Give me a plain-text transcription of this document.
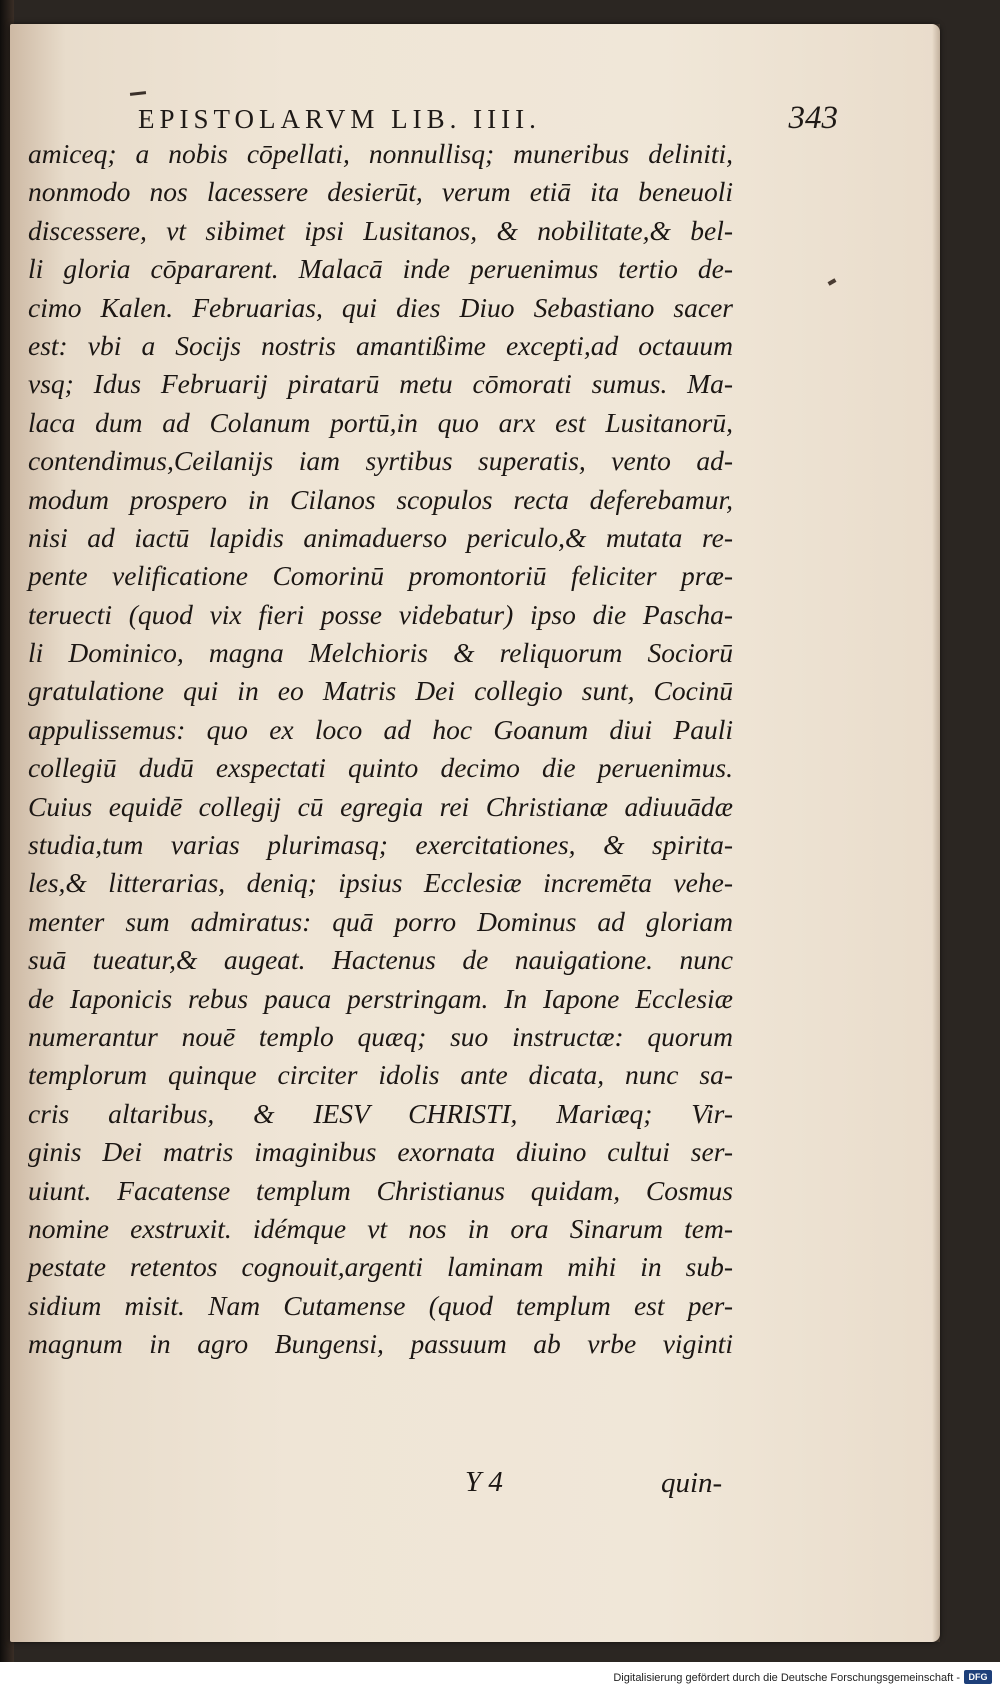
EPISTOLARVM LIB. IIII.	343
amiceq; a nobis cōpellati, nonnullisq; muneribus deliniti,
nonmodo nos lacessere desierūt, verum etiā ita beneuoli
discessere, vt sibimet ipsi Lusitanos, & nobilitate,& bel-
li gloria cōpararent. Malacā inde peruenimus tertio de-
cimo Kalen. Februarias, qui dies Diuo Sebastiano sacer
est: vbi a Socijs nostris amantißime excepti,ad octauum
vsq; Idus Februarij piratarū metu cōmorati sumus. Ma-
laca dum ad Colanum portū,in quo arx est Lusitanorū,
contendimus,Ceilanijs iam syrtibus superatis, vento ad-
modum prospero in Cilanos scopulos recta deferebamur,
nisi ad iactū lapidis animaduerso periculo,& mutata re-
pente velificatione Comorinū promontoriū feliciter præ-
teruecti (quod vix fieri posse videbatur) ipso die Pascha-
li Dominico, magna Melchioris & reliquorum Sociorū
gratulatione qui in eo Matris Dei collegio sunt, Cocinū
appulissemus: quo ex loco ad hoc Goanum diui Pauli
collegiū dudū exspectati quinto decimo die peruenimus.
Cuius equidē collegij cū egregia rei Christianæ adiuuādæ
studia,tum varias plurimasq; exercitationes, & spirita-
les,& litterarias, deniq; ipsius Ecclesiæ incremēta vehe-
menter sum admiratus: quā porro Dominus ad gloriam
suā tueatur,& augeat. Hactenus de nauigatione. nunc
de Iaponicis rebus pauca perstringam. In Iapone Ecclesiæ
numerantur nouē templo quæq; suo instructæ: quorum
templorum quinque circiter idolis ante dicata, nunc sa-
cris altaribus, & IESV CHRISTI, Mariæq; Vir-
ginis Dei matris imaginibus exornata diuino cultui ser-
uiunt. Facatense templum Christianus quidam, Cosmus
nomine exstruxit. idémque vt nos in ora Sinarum tem-
pestate retentos cognouit,argenti laminam mihi in sub-
sidium misit. Nam Cutamense (quod templum est per-
magnum in agro Bungensi, passuum ab vrbe viginti
Y 4	quin-
Digitalisierung gefördert durch die Deutsche Forschungsgemeinschaft - DFG
